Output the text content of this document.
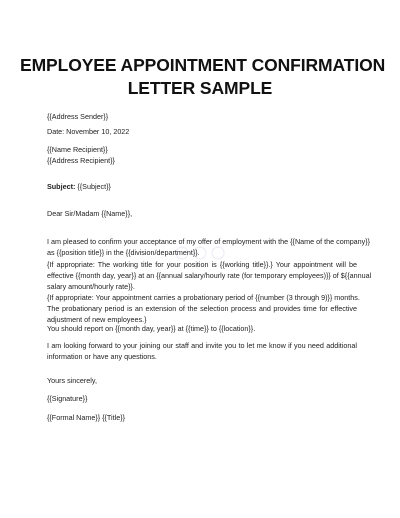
EMPLOYEE APPOINTMENT CONFIRMATION
LETTER SAMPLE
{{Address Sender}}
Date: November 10, 2022
{{Name Recipient}}
{{Address Recipient}}
Subject: {{Subject}}
Dear Sir/Madam {{Name}},
○○○
I am pleased to confirm your acceptance of my offer of employment with the {{Name of the company}}
as {{position title}} in the {{division/department}}.
{If appropriate: The working title for your position is {{working title}}.} Your appointment will be
effective {{month day, year}} at an {{annual salary/hourly rate (for temporary employees)}} of ${{annual
salary amount/hourly rate}}.
{If appropriate: Your appointment carries a probationary period of {{number (3 through 9)}} months.
The probationary period is an extension of the selection process and provides time for effective
adjustment of new employees.}
You should report on {{month day, year}} at {{time}} to {{location}}.
I am looking forward to your joining our staff and invite you to let me know if you need additional
information or have any questions.
Yours sincerely,
{{Signature}}
{{Formal Name}} {{Title}}
